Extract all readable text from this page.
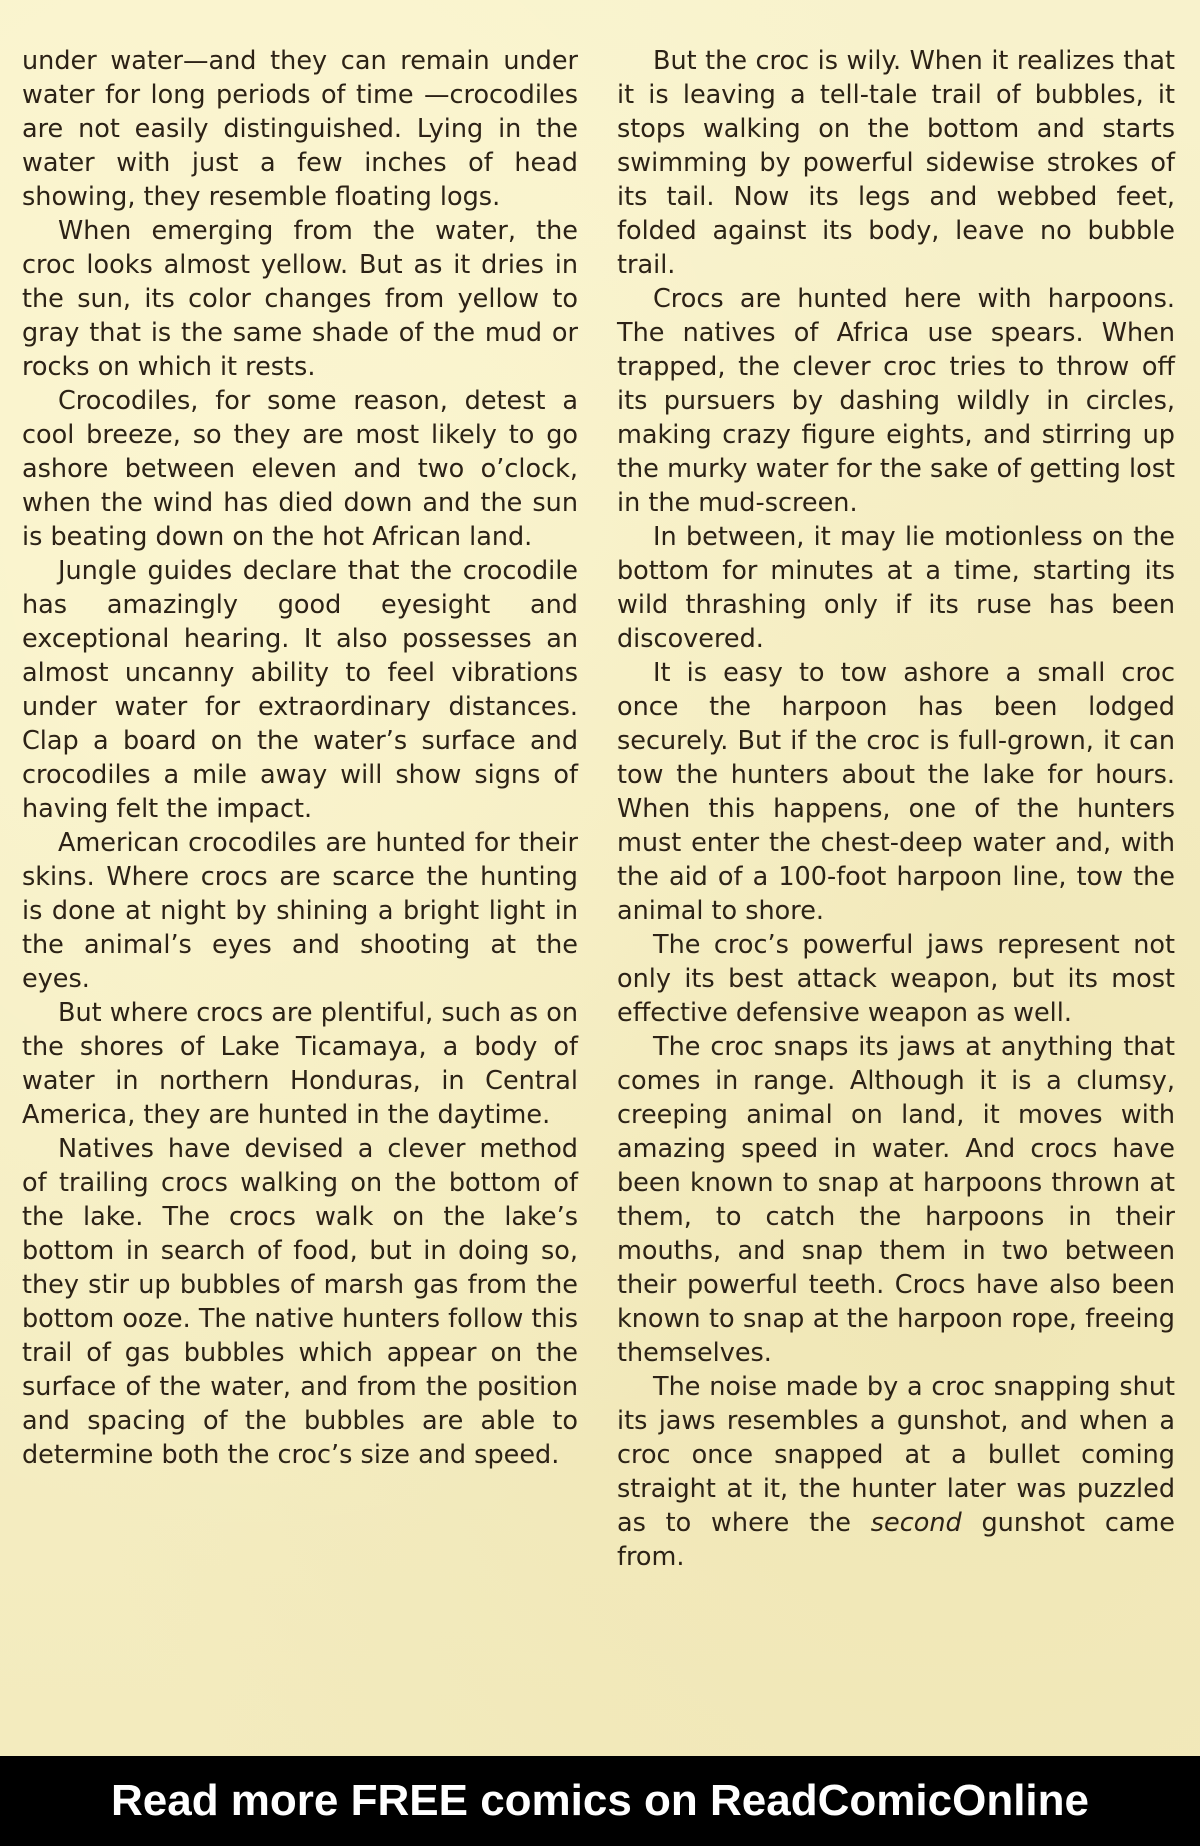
under water—and they can remain under water for long periods of time —crocodiles are not easily distinguished. Lying in the water with just a few inches of head showing, they resemble floating logs.

When emerging from the water, the croc looks almost yellow. But as it dries in the sun, its color changes from yellow to gray that is the same shade of the mud or rocks on which it rests.

Crocodiles, for some reason, detest a cool breeze, so they are most likely to go ashore between eleven and two o’clock, when the wind has died down and the sun is beating down on the hot African land.

Jungle guides declare that the crocodile has amazingly good eyesight and exceptional hearing. It also possesses an almost uncanny ability to feel vibrations under water for extraordinary distances. Clap a board on the water’s surface and crocodiles a mile away will show signs of having felt the impact.

American crocodiles are hunted for their skins. Where crocs are scarce the hunting is done at night by shining a bright light in the animal’s eyes and shooting at the eyes.

But where crocs are plentiful, such as on the shores of Lake Ticamaya, a body of water in northern Honduras, in Central America, they are hunted in the daytime.

Natives have devised a clever method of trailing crocs walking on the bottom of the lake. The crocs walk on the lake’s bottom in search of food, but in doing so, they stir up bubbles of marsh gas from the bottom ooze. The native hunters follow this trail of gas bubbles which appear on the surface of the water, and from the position and spacing of the bubbles are able to determine both the croc’s size and speed.

But the croc is wily. When it realizes that it is leaving a tell-tale trail of bubbles, it stops walking on the bottom and starts swimming by powerful sidewise strokes of its tail. Now its legs and webbed feet, folded against its body, leave no bubble trail.

Crocs are hunted here with harpoons. The natives of Africa use spears. When trapped, the clever croc tries to throw off its pursuers by dashing wildly in circles, making crazy figure eights, and stirring up the murky water for the sake of getting lost in the mud-screen.

In between, it may lie motionless on the bottom for minutes at a time, starting its wild thrashing only if its ruse has been discovered.

It is easy to tow ashore a small croc once the harpoon has been lodged securely. But if the croc is full-grown, it can tow the hunters about the lake for hours. When this happens, one of the hunters must enter the chest-deep water and, with the aid of a 100-foot harpoon line, tow the animal to shore.

The croc’s powerful jaws represent not only its best attack weapon, but its most effective defensive weapon as well.

The croc snaps its jaws at anything that comes in range. Although it is a clumsy, creeping animal on land, it moves with amazing speed in water. And crocs have been known to snap at harpoons thrown at them, to catch the harpoons in their mouths, and snap them in two between their powerful teeth. Crocs have also been known to snap at the harpoon rope, freeing themselves.

The noise made by a croc snapping shut its jaws resembles a gunshot, and when a croc once snapped at a bullet coming straight at it, the hunter later was puzzled as to where the second gunshot came from.

Read more FREE comics on ReadComicOnline
